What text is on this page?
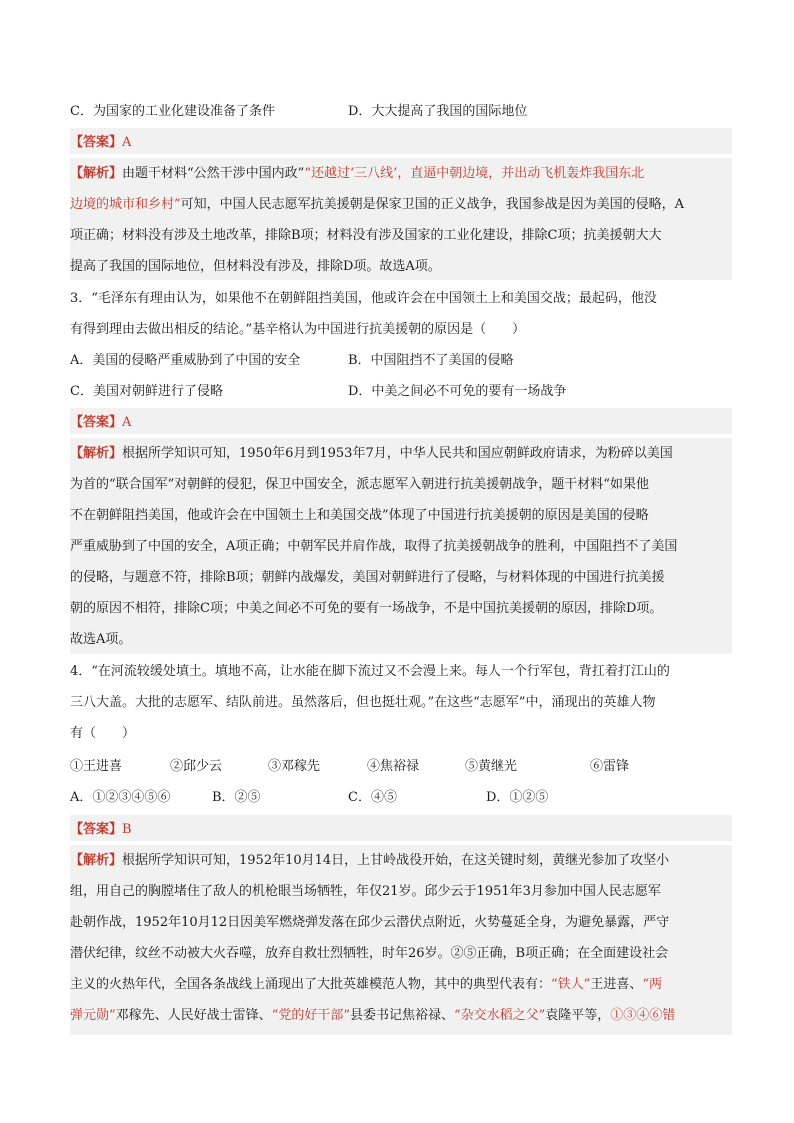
C．为国家的工业化建设准备了条件	D．大大提高了我国的国际地位
【答案】A
【解析】由题干材料“公然干涉中国内政”“还越过‘三八线’，直逼中朝边境，并出动飞机轰炸我国东北
边境的城市和乡村”可知，中国人民志愿军抗美援朝是保家卫国的正义战争，我国参战是因为美国的侵略，A
项正确；材料没有涉及土地改革，排除B项；材料没有涉及国家的工业化建设，排除C项；抗美援朝大大
提高了我国的国际地位，但材料没有涉及，排除D项。故选A项。
3．“毛泽东有理由认为，如果他不在朝鲜阻挡美国，他或许会在中国领土上和美国交战；最起码，他没
有得到理由去做出相反的结论。”基辛格认为中国进行抗美援朝的原因是（　　）
A．美国的侵略严重威胁到了中国的安全	B．中国阻挡不了美国的侵略
C．美国对朝鲜进行了侵略	D．中美之间必不可免的要有一场战争
【答案】A
【解析】根据所学知识可知，1950年6月到1953年7月，中华人民共和国应朝鲜政府请求，为粉碎以美国
为首的“联合国军”对朝鲜的侵犯，保卫中国安全，派志愿军入朝进行抗美援朝战争，题干材料“如果他
不在朝鲜阻挡美国，他或许会在中国领土上和美国交战”体现了中国进行抗美援朝的原因是美国的侵略
严重威胁到了中国的安全，A项正确；中朝军民并肩作战，取得了抗美援朝战争的胜利，中国阻挡不了美国
的侵略，与题意不符，排除B项；朝鲜内战爆发，美国对朝鲜进行了侵略，与材料体现的中国进行抗美援
朝的原因不相符，排除C项；中美之间必不可免的要有一场战争，不是中国抗美援朝的原因，排除D项。
故选A项。
4．“在河流较缓处填土。填地不高，让水能在脚下流过又不会漫上来。每人一个行军包，背扛着打江山的
三八大盖。大批的志愿军、结队前进。虽然落后，但也挺壮观。”在这些“志愿军”中，涌现出的英雄人物
有（　　）
①王进喜	②邱少云	③邓稼先	④焦裕禄	⑤黄继光	⑥雷锋
A．①②③④⑤⑥	B．②⑤	C．④⑤	D．①②⑤
【答案】B
【解析】根据所学知识可知，1952年10月14日，上甘岭战役开始，在这关键时刻，黄继光参加了攻坚小
组，用自己的胸膛堵住了敌人的机枪眼当场牺牲，年仅21岁。邱少云于1951年3月参加中国人民志愿军
赴朝作战，1952年10月12日因美军燃烧弹发落在邱少云潜伏点附近，火势蔓延全身，为避免暴露，严守
潜伏纪律，纹丝不动被大火吞噬，放弃自救壮烈牺牲，时年26岁。②⑤正确，B项正确；在全面建设社会
主义的火热年代，全国各条战线上涌现出了大批英雄模范人物，其中的典型代表有：“铁人”王进喜、“两
弹元勋”邓稼先、人民好战士雷锋、“党的好干部”县委书记焦裕禄、“杂交水稻之父”袁隆平等，①③④⑥错
